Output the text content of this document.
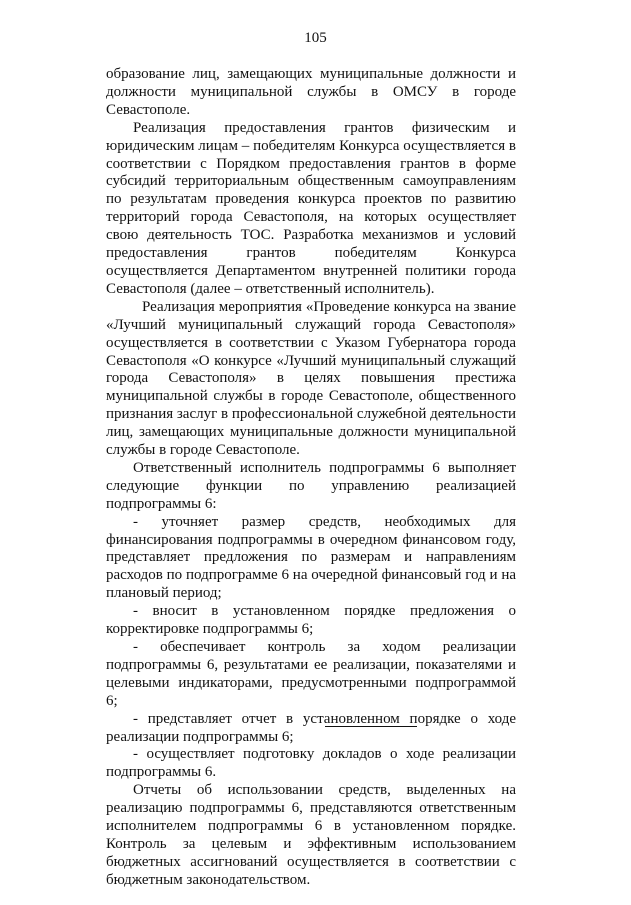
105

образование лиц, замещающих муниципальные должности и должности муниципальной службы в ОМСУ в городе Севастополе.

Реализация предоставления грантов физическим и юридическим лицам – победителям Конкурса осуществляется в соответствии с Порядком предоставления грантов в форме субсидий территориальным общественным самоуправлениям по результатам проведения конкурса проектов по развитию территорий города Севастополя, на которых осуществляет свою деятельность ТОС. Разработка механизмов и условий предоставления грантов победителям Конкурса осуществляется Департаментом внутренней политики города Севастополя (далее – ответственный исполнитель).

Реализация мероприятия «Проведение конкурса на звание «Лучший муниципальный служащий города Севастополя» осуществляется в соответствии с Указом Губернатора города Севастополя «О конкурсе «Лучший муниципальный служащий города Севастополя» в целях повышения престижа муниципальной службы в городе Севастополе, общественного признания заслуг в профессиональной служебной деятельности лиц, замещающих муниципальные должности муниципальной службы в городе Севастополе.

Ответственный исполнитель подпрограммы 6 выполняет следующие функции по управлению реализацией подпрограммы 6:

- уточняет размер средств, необходимых для финансирования подпрограммы в очередном финансовом году, представляет предложения по размерам и направлениям расходов по подпрограмме 6 на очередной финансовый год и на плановый период;

- вносит в установленном порядке предложения о корректировке подпрограммы 6;

- обеспечивает контроль за ходом реализации подпрограммы 6, результатами ее реализации, показателями и целевыми индикаторами, предусмотренными подпрограммой 6;

- представляет отчет в установленном порядке о ходе реализации подпрограммы 6;

- осуществляет подготовку докладов о ходе реализации подпрограммы 6.

Отчеты об использовании средств, выделенных на реализацию подпрограммы 6, представляются ответственным исполнителем подпрограммы 6 в установленном порядке. Контроль за целевым и эффективным использованием бюджетных ассигнований осуществляется в соответствии с бюджетным законодательством.
